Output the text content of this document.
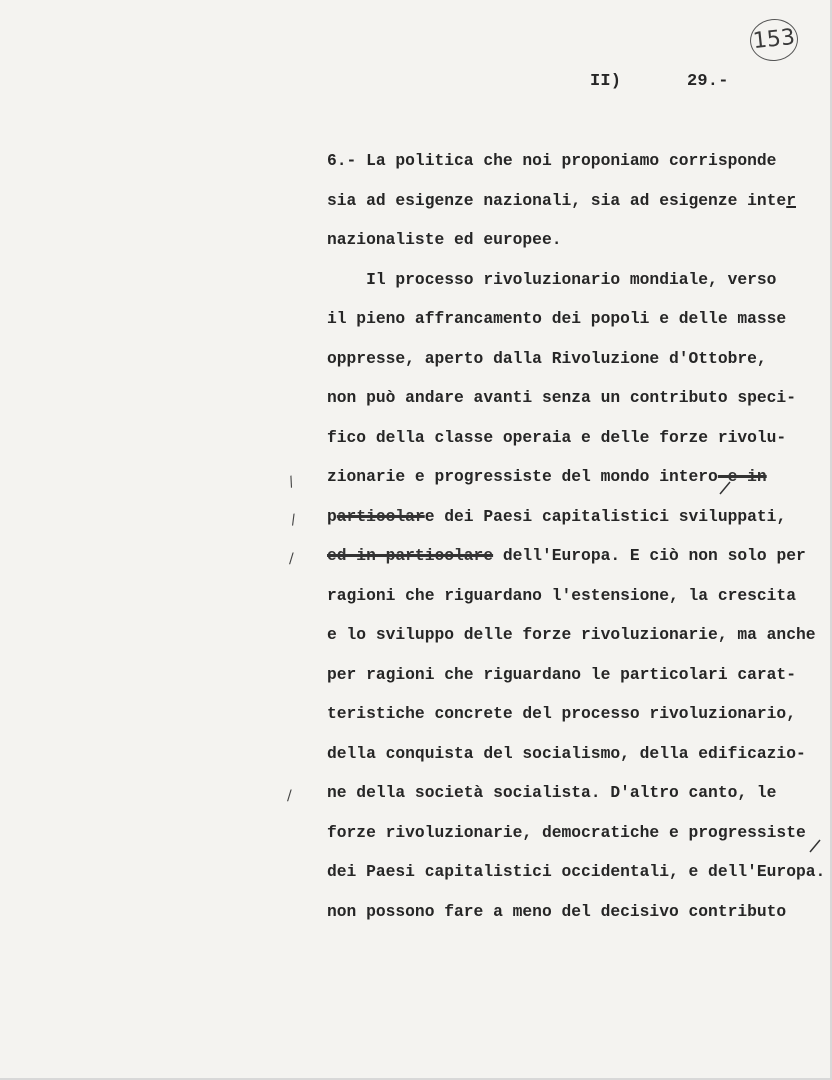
153
II)	29.-
6.- La politica che noi proponiamo corrisponde
sia ad esigenze nazionali, sia ad esigenze inter
nazionaliste ed europee.
Il processo rivoluzionario mondiale, verso
il pieno affrancamento dei popoli e delle masse
oppresse, aperto dalla Rivoluzione d'Ottobre,
non può andare avanti senza un contributo speci-
fico della classe operaia e delle forze rivolu-
zionarie e progressiste del mondo intero e in
particolare dei Paesi capitalistici sviluppati,
ed in particolare dell'Europa. E ciò non solo per
ragioni che riguardano l'estensione, la crescita
e lo sviluppo delle forze rivoluzionarie, ma anche
per ragioni che riguardano le particolari carat-
teristiche concrete del processo rivoluzionario,
della conquista del socialismo, della edificazio-
ne della società socialista. D'altro canto, le
forze rivoluzionarie, democratiche e progressiste
dei Paesi capitalistici occidentali, e dell'Europa.
non possono fare a meno del decisivo contributo
/
/
/
/
